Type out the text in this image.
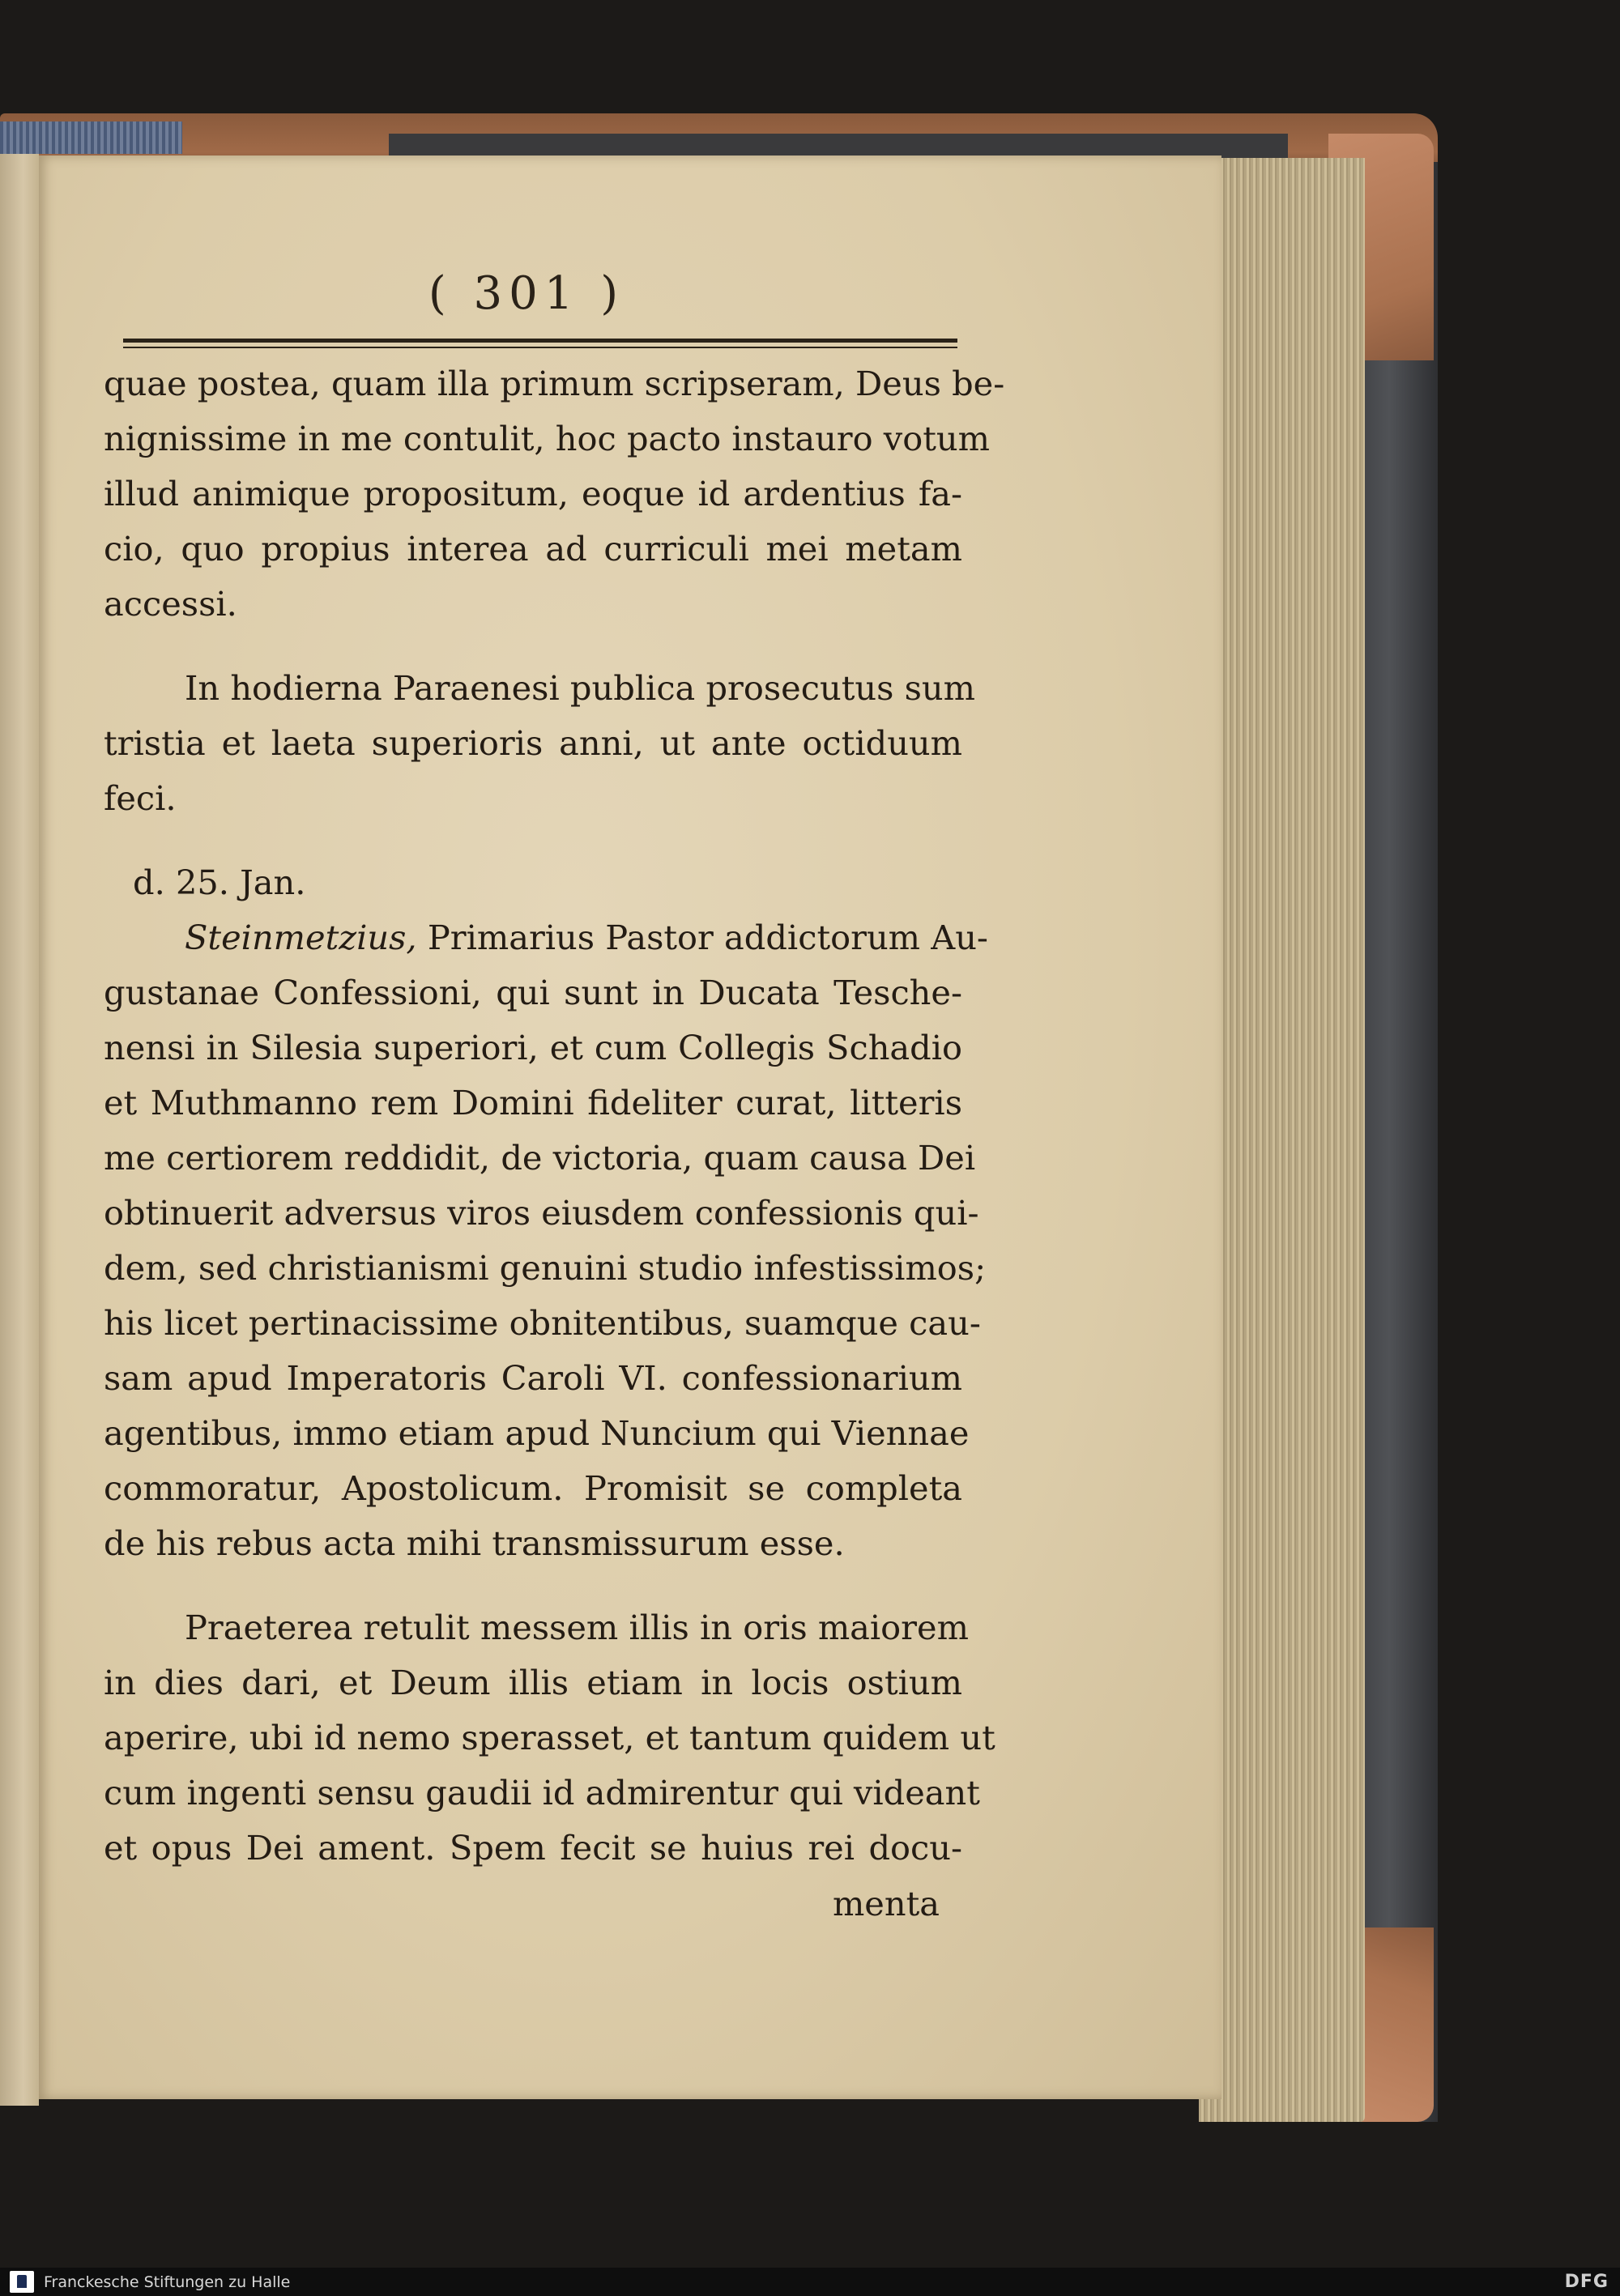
( 301 )
quae postea, quam illa primum scripseram, Deus be-
nignissime in me contulit, hoc pacto instauro votum
illud animique propositum, eoque id ardentius fa-
cio, quo propius interea ad curriculi mei metam
accessi.
In hodierna Paraenesi publica prosecutus sum
tristia et laeta superioris anni, ut ante octiduum
feci.
d. 25. Jan.
Steinmetzius, Primarius Pastor addictorum Au-
gustanae Confessioni, qui sunt in Ducata Tesche-
nensi in Silesia superiori, et cum Collegis Schadio
et Muthmanno rem Domini fideliter curat, litteris
me certiorem reddidit, de victoria, quam causa Dei
obtinuerit adversus viros eiusdem confessionis qui-
dem, sed christianismi genuini studio infestissimos;
his licet pertinacissime obnitentibus, suamque cau-
sam apud Imperatoris Caroli VI. confessionarium
agentibus, immo etiam apud Nuncium qui Viennae
commoratur, Apostolicum. Promisit se completa
de his rebus acta mihi transmissurum esse.
Praeterea retulit messem illis in oris maiorem
in dies dari, et Deum illis etiam in locis ostium
aperire, ubi id nemo sperasset, et tantum quidem ut
cum ingenti sensu gaudii id admirentur qui videant
et opus Dei ament. Spem fecit se huius rei docu-
menta
Franckesche Stiftungen zu Halle	DFG
